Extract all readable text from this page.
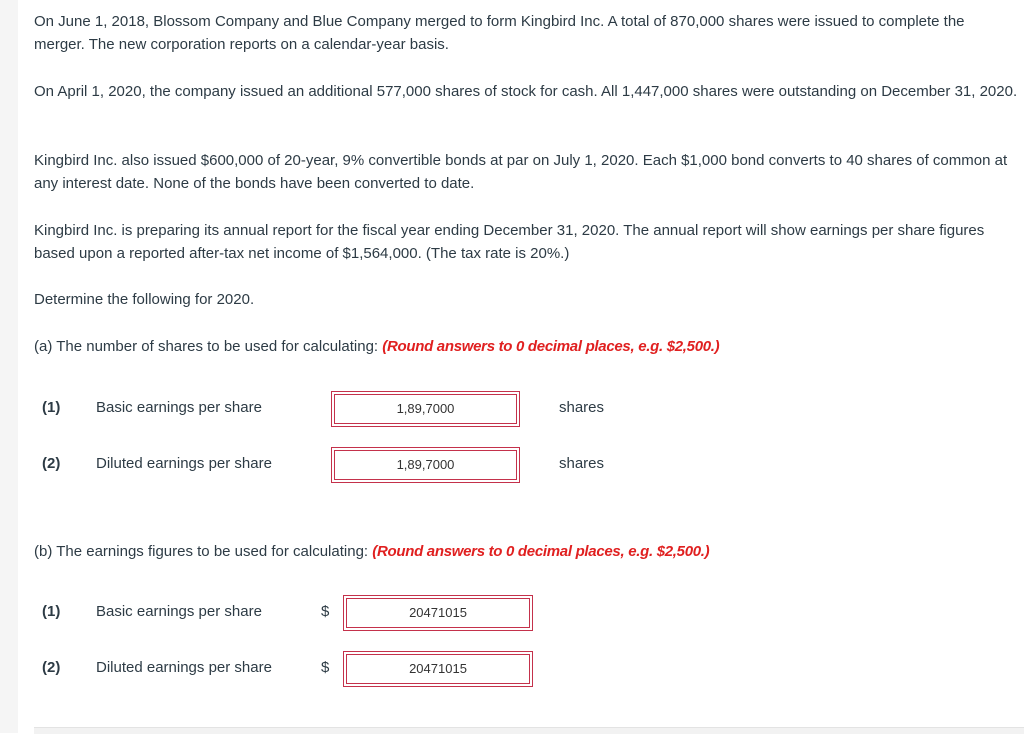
On June 1, 2018, Blossom Company and Blue Company merged to form Kingbird Inc. A total of 870,000 shares were issued to complete the merger. The new corporation reports on a calendar-year basis.

On April 1, 2020, the company issued an additional 577,000 shares of stock for cash. All 1,447,000 shares were outstanding on December 31, 2020.

Kingbird Inc. also issued $600,000 of 20-year, 9% convertible bonds at par on July 1, 2020. Each $1,000 bond converts to 40 shares of common at any interest date. None of the bonds have been converted to date.

Kingbird Inc. is preparing its annual report for the fiscal year ending December 31, 2020. The annual report will show earnings per share figures based upon a reported after-tax net income of $1,564,000. (The tax rate is 20%.)

Determine the following for 2020.

(a) The number of shares to be used for calculating: (Round answers to 0 decimal places, e.g. $2,500.)

(1) Basic earnings per share	1,89,7000	shares
(2) Diluted earnings per share	1,89,7000	shares

(b) The earnings figures to be used for calculating: (Round answers to 0 decimal places, e.g. $2,500.)

(1) Basic earnings per share	$	20471015
(2) Diluted earnings per share	$	20471015
